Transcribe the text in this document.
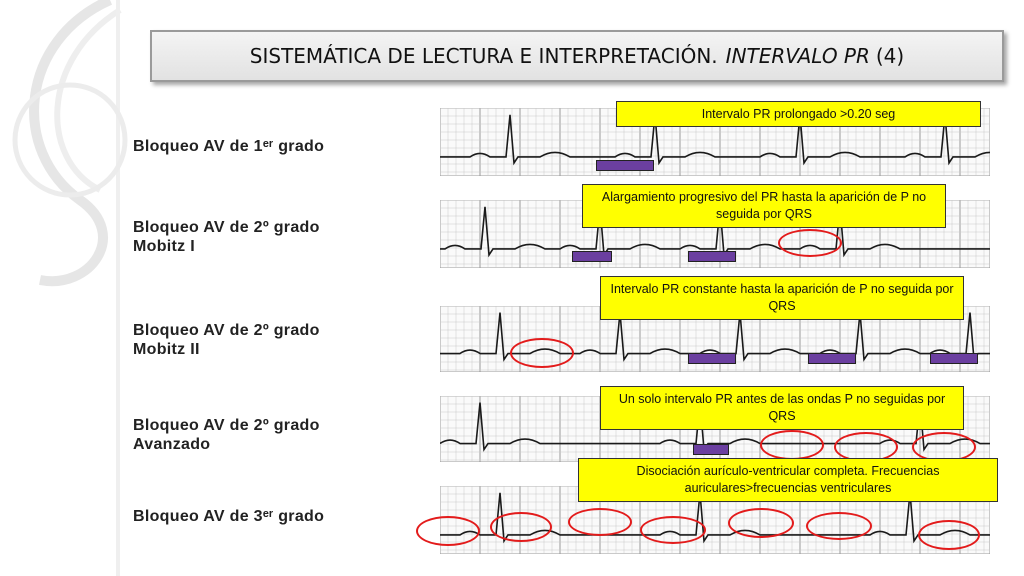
SISTEMÁTICA DE LECTURA E INTERPRETACIÓN. INTERVALO PR (4)
Bloqueo AV de 1ᵉʳ grado
Bloqueo AV de 2º grado
Mobitz I
Bloqueo AV de 2º grado
Mobitz II
Bloqueo AV de 2º grado
Avanzado
Bloqueo AV de 3ᵉʳ grado
Intervalo PR prolongado >0.20 seg
Alargamiento progresivo del PR hasta la aparición de P no seguida por QRS
Intervalo PR constante hasta la aparición de P no seguida por QRS
Un solo intervalo PR antes de las ondas P no seguidas por QRS
Disociación aurículo-ventricular completa. Frecuencias auriculares>frecuencias ventriculares
